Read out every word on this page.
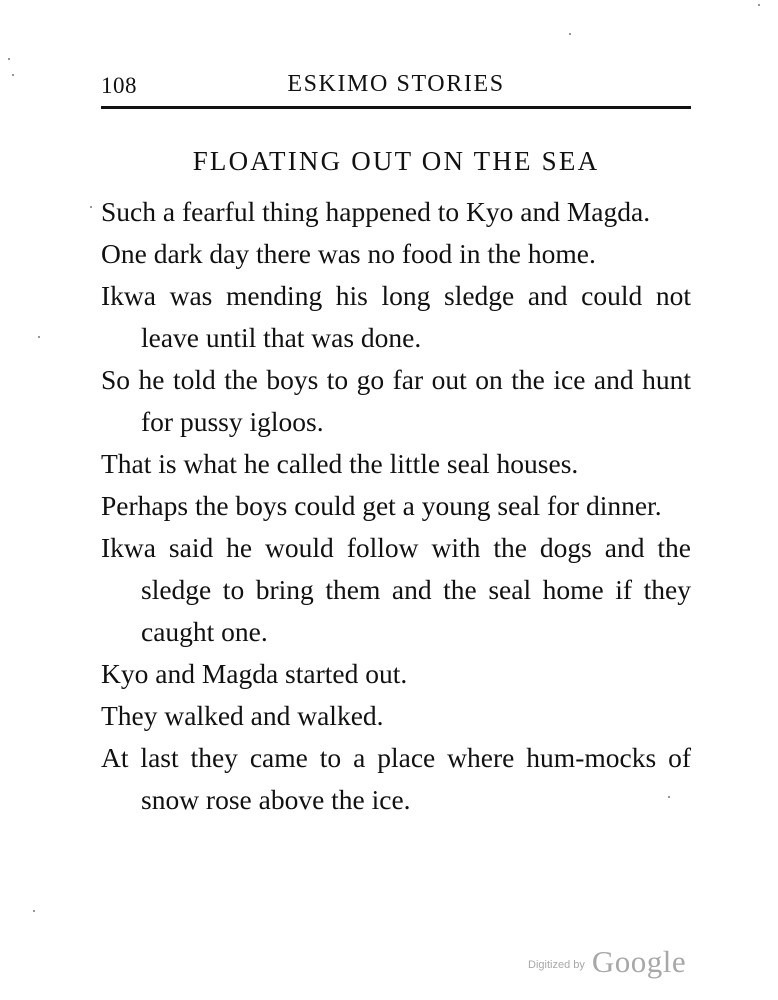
108	ESKIMO STORIES
FLOATING OUT ON THE SEA

Such a fearful thing happened to Kyo and Magda.

One dark day there was no food in the home.

Ikwa was mending his long sledge and could not leave until that was done.

So he told the boys to go far out on the ice and hunt for pussy igloos.

That is what he called the little seal houses.

Perhaps the boys could get a young seal for dinner.

Ikwa said he would follow with the dogs and the sledge to bring them and the seal home if they caught one.

Kyo and Magda started out.

They walked and walked.

At last they came to a place where hum-mocks of snow rose above the ice.

$^{Digitized by}$ Google
